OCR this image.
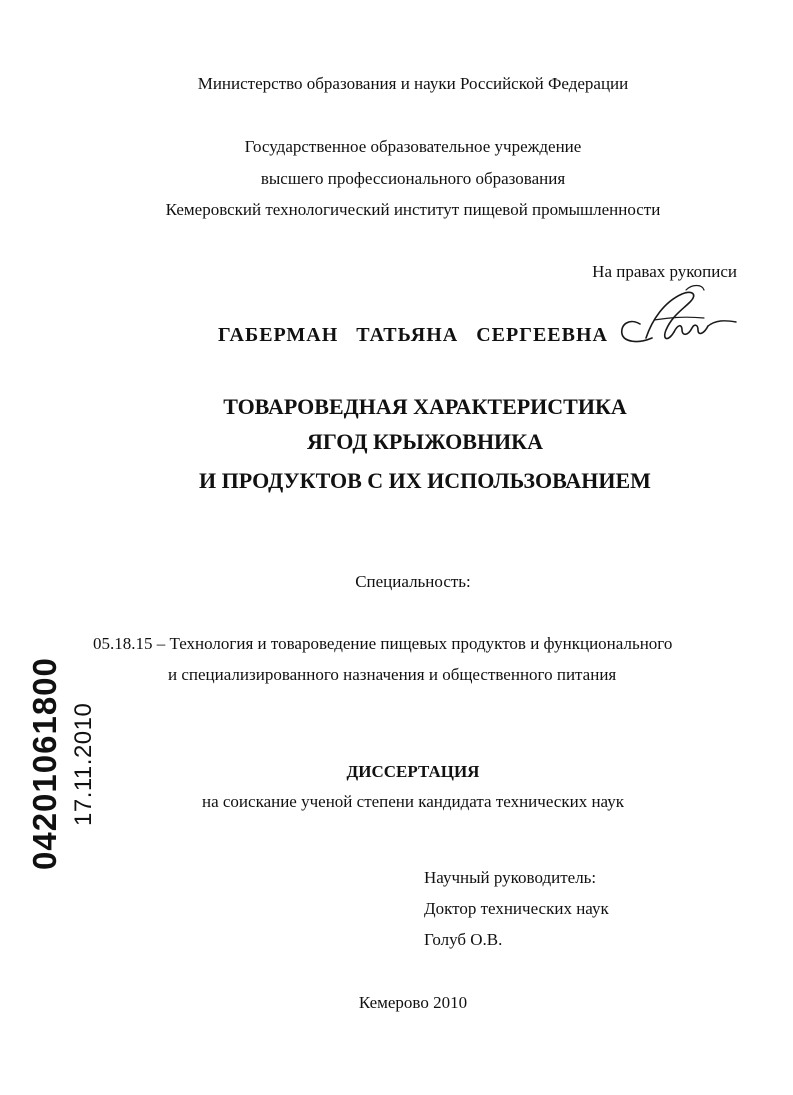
Министерство образования и науки Российской Федерации
Государственное образовательное учреждение
высшего профессионального образования
Кемеровский технологический институт пищевой промышленности
На правах рукописи
ГАБЕРМАН ТАТЬЯНА СЕРГЕЕВНА
ТОВАРОВЕДНАЯ ХАРАКТЕРИСТИКА
ЯГОД КРЫЖОВНИКА
И ПРОДУКТОВ С ИХ ИСПОЛЬЗОВАНИЕМ
Специальность:
05.18.15 – Технология и товароведение пищевых продуктов и функционального
и специализированного назначения и общественного питания
ДИССЕРТАЦИЯ
на соискание ученой степени кандидата технических наук
Научный руководитель:
Доктор технических наук
Голуб О.В.
Кемерово 2010
04201061800 17.11.2010
